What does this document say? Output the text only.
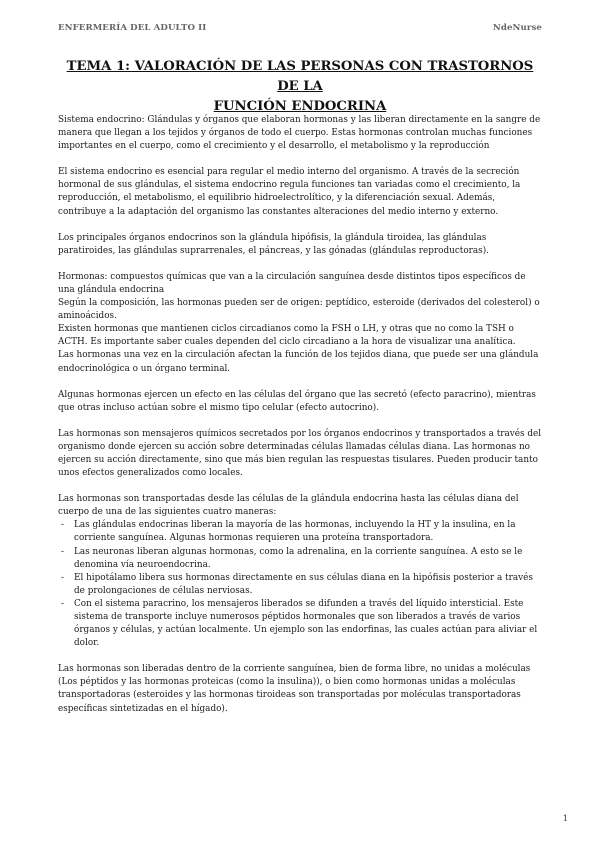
ENFERMERÍA DEL ADULTO II	NdeNurse
TEMA 1: VALORACIÓN DE LAS PERSONAS CON TRASTORNOS DE LA
FUNCIÓN ENDOCRINA

Sistema endocrino: Glándulas y órganos que elaboran hormonas y las liberan directamente en la sangre de manera que llegan a los tejidos y órganos de todo el cuerpo. Estas hormonas controlan muchas funciones importantes en el cuerpo, como el crecimiento y el desarrollo, el metabolismo y la reproducción

El sistema endocrino es esencial para regular el medio interno del organismo. A través de la secreción hormonal de sus glándulas, el sistema endocrino regula funciones tan variadas como el crecimiento, la reproducción, el metabolismo, el equilibrio hidroelectrolítico, y la diferenciación sexual. Además, contribuye a la adaptación del organismo las constantes alteraciones del medio interno y externo.

Los principales órganos endocrinos son la glándula hipófisis, la glándula tiroidea, las glándulas paratiroides, las glándulas suprarrenales, el páncreas, y las gónadas (glándulas reproductoras).

Hormonas: compuestos químicas que van a la circulación sanguínea desde distintos tipos específicos de una glándula endocrina
Según la composición, las hormonas pueden ser de origen: peptídico, esteroide (derivados del colesterol) o aminoácidos.
Existen hormonas que mantienen ciclos circadianos como la FSH o LH, y otras que no como la TSH o ACTH. Es importante saber cuales dependen del ciclo circadiano a la hora de visualizar una analítica.
Las hormonas una vez en la circulación afectan la función de los tejidos diana, que puede ser una glándula endocrinológica o un órgano terminal.

Algunas hormonas ejercen un efecto en las células del órgano que las secretó (efecto paracrino), mientras que otras incluso actúan sobre el mismo tipo celular (efecto autocrino).

Las hormonas son mensajeros químicos secretados por los órganos endocrinos y transportados a través del organismo donde ejercen su acción sobre determinadas células llamadas células diana. Las hormonas no ejercen su acción directamente, sino que más bien regulan las respuestas tisulares. Pueden producir tanto unos efectos generalizados como locales.

Las hormonas son transportadas desde las células de la glándula endocrina hasta las células diana del cuerpo de una de las siguientes cuatro maneras:
- Las glándulas endocrinas liberan la mayoría de las hormonas, incluyendo la HT y la insulina, en la corriente sanguínea. Algunas hormonas requieren una proteína transportadora.
- Las neuronas liberan algunas hormonas, como la adrenalina, en la corriente sanguínea. A esto se le denomina vía neuroendocrina.
- El hipotálamo libera sus hormonas directamente en sus células diana en la hipófisis posterior a través de prolongaciones de células nerviosas.
- Con el sistema paracrino, los mensajeros liberados se difunden a través del líquido intersticial. Este sistema de transporte incluye numerosos péptidos hormonales que son liberados a través de varios órganos y células, y actúan localmente. Un ejemplo son las endorfinas, las cuales actúan para aliviar el dolor.

Las hormonas son liberadas dentro de la corriente sanguínea, bien de forma libre, no unidas a moléculas (Los péptidos y las hormonas proteicas (como la insulina)), o bien como hormonas unidas a moléculas transportadoras (esteroides y las hormonas tiroideas son transportadas por moléculas transportadoras específicas sintetizadas en el hígado).

1
